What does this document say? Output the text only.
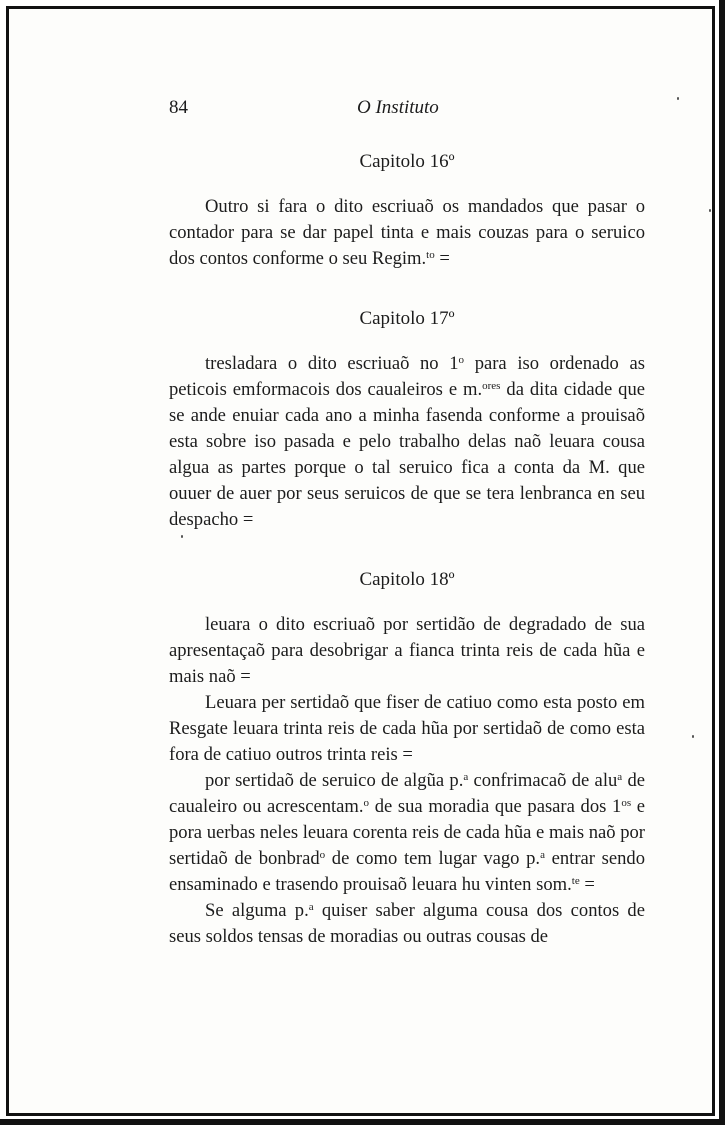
84	O Instituto

Capitolo 16º

Outro si fara o dito escriuaõ os mandados que pasar o contador para se dar papel tinta e mais couzas para o seruico dos contos conforme o seu Regim.$^{to}$ =

Capitolo 17º

tresladara o dito escriuaõ no 1$^o$ para iso ordenado as peticois emformacois dos caualeiros e m.$^{ores}$ da dita cidade que se ande enuiar cada ano a minha fasenda conforme a prouisaõ esta sobre iso pasada e pelo trabalho delas naõ leuara cousa algua as partes porque o tal seruico fica a conta da M. que ouuer de auer por seus seruicos de que se tera lenbranca en seu despacho =

Capitolo 18º

leuara o dito escriuaõ por sertidão de degradado de sua apresentaçaõ para desobrigar a fianca trinta reis de cada hũa e mais naõ =

Leuara per sertidaõ que fiser de catiuo como esta posto em Resgate leuara trinta reis de cada hũa por sertidaõ de como esta fora de catiuo outros trinta reis =

por sertidaõ de seruico de algũa p.$^a$ confrimacaõ de alu$^a$ de caualeiro ou acrescentam.$^o$ de sua moradia que pasara dos $1^{os}$ e pora uerbas neles leuara corenta reis de cada hũa e mais naõ por sertidaõ de bonbrad$^o$ de como tem lugar vago p.$^a$ entrar sendo ensaminado e trasendo prouisaõ leuara hu vinten som.$^{te}$ =

Se alguma p.$^a$ quiser saber alguma cousa dos contos de seus soldos tensas de moradias ou outras cousas de
